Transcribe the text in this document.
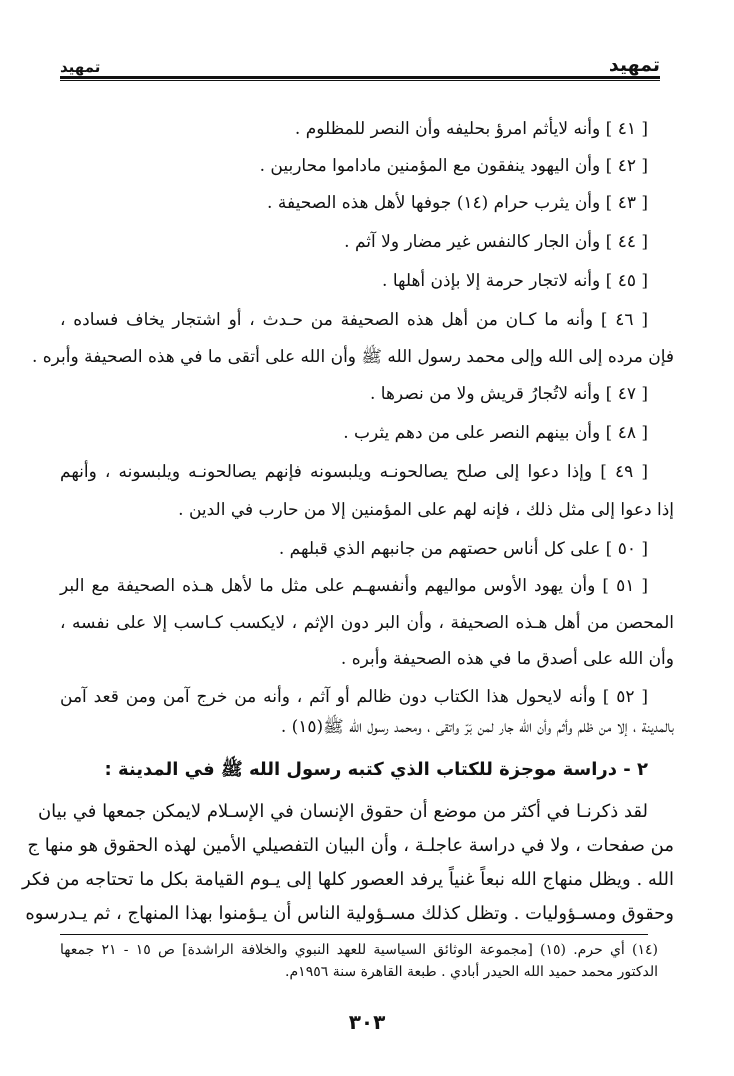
تمهيد
تمهيد
[ ٤١ ] وأنه لايأثم امرؤ بحليفه وأن النصر للمظلوم .
[ ٤٢ ] وأن اليهود ينفقون مع المؤمنين ماداموا محاربين .
[ ٤٣ ] وأن يثرب حرام (١٤) جوفها لأهل هذه الصحيفة .
[ ٤٤ ] وأن الجار كالنفس غير مضار ولا آثم .
[ ٤٥ ] وأنه لاتجار حرمة إلا بإذن أهلها .
[ ٤٦ ] وأنه ما كـان من أهل هذه الصحيفة من حـدث ، أو اشتجار يخاف فساده ،
فإن مرده إلى الله وإلى محمد رسول الله ﷺ وأن الله على أتقى ما في هذه الصحيفة وأبره .
[ ٤٧ ] وأنه لاتُجارُ قريش ولا من نصرها .
[ ٤٨ ] وأن بينهم النصر على من دهم يثرب .
[ ٤٩ ] وإذا دعوا إلى صلح يصالحونـه ويلبسونه فإنهم يصالحونـه ويلبسونه ، وأنهم
إذا دعوا إلى مثل ذلك ، فإنه لهم على المؤمنين إلا من حارب في الدين .
[ ٥٠ ] على كل أناس حصتهم من جانبهم الذي قبلهم .
[ ٥١ ] وأن يهود الأوس مواليهم وأنفسهـم على مثل ما لأهل هـذه الصحيفة مع البر
المحصن من أهل هـذه الصحيفة ، وأن البر دون الإثم ، لايكسب كـاسب إلا على نفسه ،
وأن الله على أصدق ما في هذه الصحيفة وأبره .
[ ٥٢ ] وأنه لايحول هذا الكتاب دون ظالم أو آثم ، وأنه من خرج آمن ومن قعد آمن
بالمدينة ، إلا من ظلم وأثم وأن الله جار لمن بَرّ واتقى ، ومحمد رسول الله ﷺ(١٥) .
٢ - دراسة موجزة للكتاب الذي كتبه رسول الله ﷺ في المدينة :
لقد ذكرنـا في أكثر من موضع أن حقوق الإنسان في الإسـلام لايمكن جمعها في بيان
من صفحات ، ولا في دراسة عاجلـة ، وأن البيان التفصيلي الأمين لهذه الحقوق هو منها ج
الله . ويظل منهاج الله نبعاً غنياً يرفد العصور كلها إلى يـوم القيامة بكل ما تحتاجه من فكر
وحقوق ومسـؤوليات . وتظل كذلك مسـؤولية الناس أن يـؤمنوا بهذا المنهاج ، ثم يـدرسوه
(١٤) أي حرم. (١٥) [مجموعة الوثائق السياسية للعهد النبوي والخلافة الراشدة] ص ١٥ - ٢١ جمعها
الدكتور محمد حميد الله الحيدر أبادي . طبعة القاهرة سنة ١٩٥٦م.
٣٠٣
